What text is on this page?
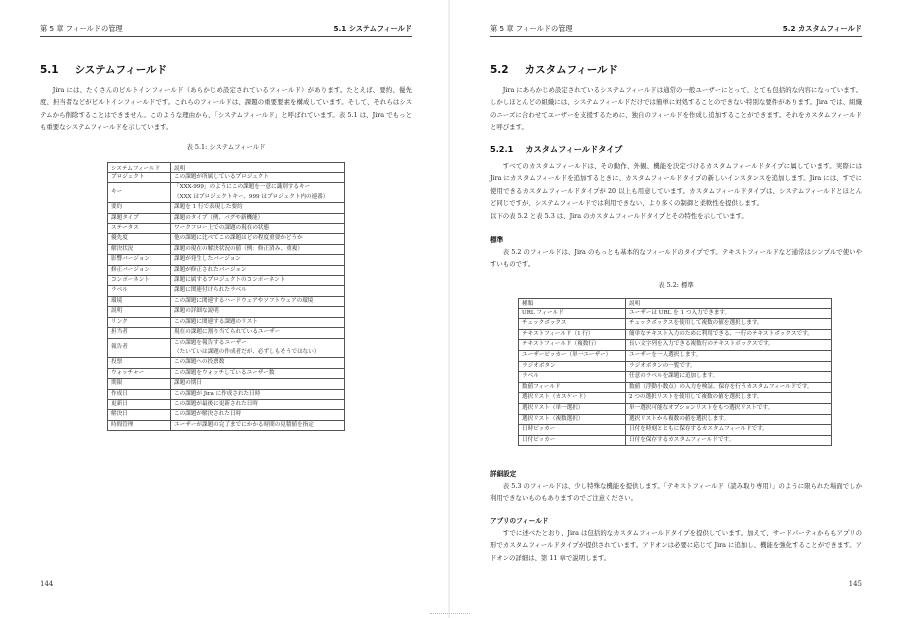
第 5 章 フィールドの管理	5.1 システムフィールド
5.1 システムフィールド
Jira には、たくさんのビルトインフィールド（あらかじめ設定されているフィールド）があります。たとえば、要約、優先度、担当者などがビルトインフィールドです。これらのフィールドは、課題の重要要素を構成しています。そして、それらはシステムから削除することはできません。このような理由から、「システムフィールド」と呼ばれています。表 5.1 は、Jira でもっとも重要なシステムフィールドを示しています。
表 5.1: システムフィールド
システムフィールド	説明
プロジェクト	この課題が所属しているプロジェクト
キー	「XXX-999」のようにこの課題を一意に識別するキー
（XXX はプロジェクトキー、999 はプロジェクト内の連番）
要約	課題を 1 行で表現した要約
課題タイプ	課題のタイプ（例、バグや新機能）
ステータス	ワークフロー上での課題の現在の状態
優先度	他の課題に比べてこの課題はどの程度重要かどうか
解決状況	課題の現在の解決状況の値（例：修正済み、重複）
影響バージョン	課題が発生したバージョン
修正バージョン	課題が修正されたバージョン
コンポーネント	課題に属するプロジェクトのコンポーネント
ラベル	課題に関連付けられたラベル
環境	この課題に関連するハードウェアやソフトウェアの環境
説明	課題の詳細な説明
リンク	この課題に関連する課題のリスト
担当者	現在の課題に割り当てられているユーザー
報告者	この課題を報告するユーザー
（たいていは課題の作成者だが、必ずしもそうではない）
投票	この課題への投票数
ウォッチャー	この課題をウォッチしているユーザー数
期限	課題の期日
作成日	この課題が Jira に作成された日時
更新日	この課題が最後に更新された日時
解決日	この課題が解決された日時
時間管理	ユーザーが課題の完了までにかかる時間の見積値を指定
144
第 5 章 フィールドの管理	5.2 カスタムフィールド
5.2 カスタムフィールド
Jira にあらかじめ設定されているシステムフィールドは通常の一般ユーザーにとって、とても包括的な内容になっています。しかしほとんどの組織には、システムフィールドだけでは簡単に対処することのできない特別な要件があります。Jira では、組織のニーズに合わせてユーザーを支援するために、独自のフィールドを作成し追加することができます。それをカスタムフィールドと呼びます。
5.2.1 カスタムフィールドタイプ
すべてのカスタムフィールドは、その動作、外観、機能を決定づけるカスタムフィールドタイプに属しています。実際には Jira にカスタムフィールドを追加するときに、カスタムフィールドタイプの新しいインスタンスを追加します。Jira には、すでに使用できるカスタムフィールドタイプが 20 以上も用意しています。カスタムフィールドタイプは、システムフィールドとほとんど同じですが、システムフィールドでは利用できない、より多くの制御と柔軟性を提供します。
以下の表 5.2 と表 5.3 は、Jira のカスタムフィールドタイプとその特性を示しています。
標準
表 5.2 のフィールドは、Jira のもっとも基本的なフィールドのタイプです。テキストフィールドなど通常はシンプルで使いやすいものです。
表 5.2: 標準
種類	説明
URL フィールド	ユーザーは URL を 1 つ入力できます。
チェックボックス	チェックボックスを使用して複数の値を選択します。
テキストフィールド（1 行）	簡単なテキスト入力のために利用できる、一行のテキストボックスです。
テキストフィールド（複数行）	長い文字列を入力できる複数行のテキストボックスです。
ユーザーピッカー（単一ユーザー）	ユーザーを一人選択します。
ラジオボタン	ラジオボタンの一覧です。
ラベル	任意のラベルを課題に追加します。
数値フィールド	数値（浮動小数点）の入力を検証、保存を行うカスタムフィールドです。
選択リスト（カスケード）	2 つの選択リストを使用して複数の値を選択します。
選択リスト（単一選択）	単一選択可能なオプションリストをもつ選択リストです。
選択リスト（複数選択）	選択リストから複数の値を選択します。
日時ピッカー	日付を時刻とともに保存するカスタムフィールドです。
日付ピッカー	日付を保存するカスタムフィールドです。
詳細設定
表 5.3 のフィールドは、少し特殊な機能を提供します。「テキストフィールド（読み取り専用）」のように限られた場面でしか利用できないものもありますのでご注意ください。
アプリのフィールド
すでに述べたとおり、Jira は包括的なカスタムフィールドタイプを提供しています。加えて、サードパーティからもアプリの形でカスタムフィールドタイプが提供されています。アドオンは必要に応じて Jira に追加し、機能を強化することができます。アドオンの詳細は、第 11 章で説明します。
145
